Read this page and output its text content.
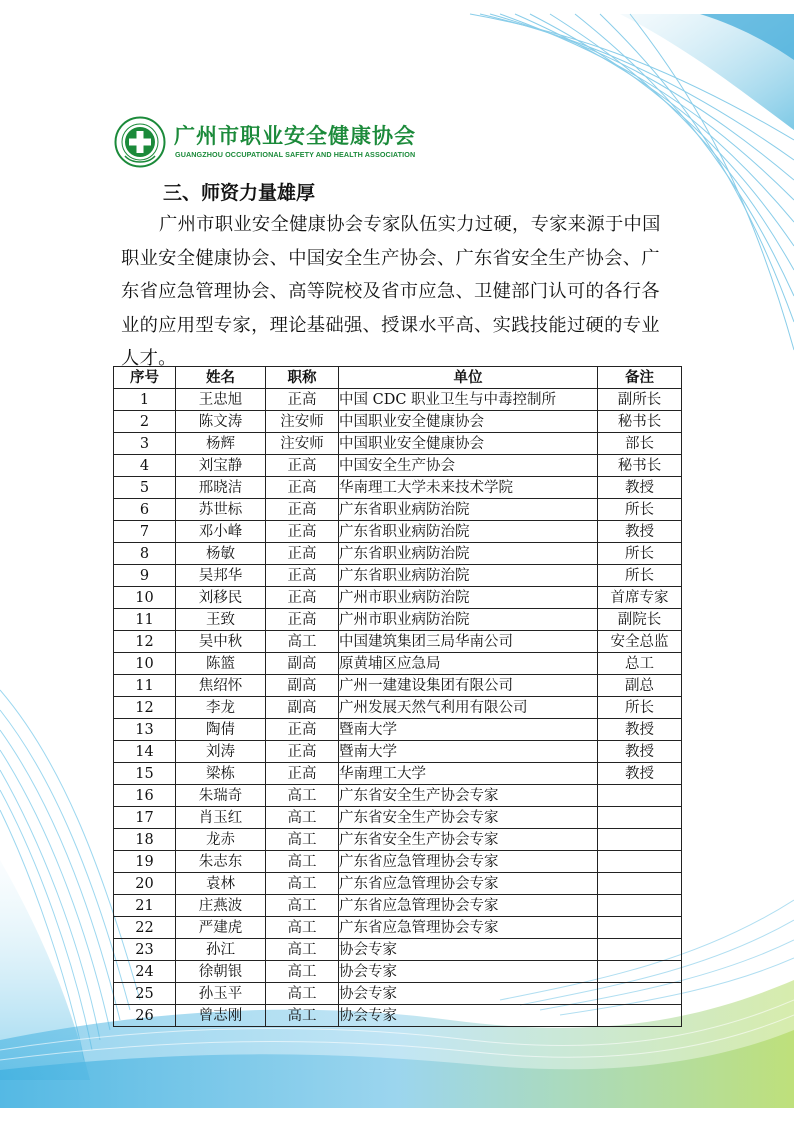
广州市职业安全健康协会
GUANGZHOU OCCUPATIONAL SAFETY AND HEALTH ASSOCIATION
三、师资力量雄厚
广州市职业安全健康协会专家队伍实力过硬，专家来源于中国职业安全健康协会、中国安全生产协会、广东省安全生产协会、广东省应急管理协会、高等院校及省市应急、卫健部门认可的各行各业的应用型专家，理论基础强、授课水平高、实践技能过硬的专业人才。
序号	姓名	职称	单位	备注
1	王忠旭	正高	中国 CDC 职业卫生与中毒控制所	副所长
2	陈文涛	注安师	中国职业安全健康协会	秘书长
3	杨辉	注安师	中国职业安全健康协会	部长
4	刘宝静	正高	中国安全生产协会	秘书长
5	邢晓洁	正高	华南理工大学未来技术学院	教授
6	苏世标	正高	广东省职业病防治院	所长
7	邓小峰	正高	广东省职业病防治院	教授
8	杨敏	正高	广东省职业病防治院	所长
9	吴邦华	正高	广东省职业病防治院	所长
10	刘移民	正高	广州市职业病防治院	首席专家
11	王致	正高	广州市职业病防治院	副院长
12	吴中秋	高工	中国建筑集团三局华南公司	安全总监
10	陈篮	副高	原黄埔区应急局	总工
11	焦绍怀	副高	广州一建建设集团有限公司	副总
12	李龙	副高	广州发展天然气利用有限公司	所长
13	陶倩	正高	暨南大学	教授
14	刘涛	正高	暨南大学	教授
15	梁栋	正高	华南理工大学	教授
16	朱瑞奇	高工	广东省安全生产协会专家	
17	肖玉红	高工	广东省安全生产协会专家	
18	龙赤	高工	广东省安全生产协会专家	
19	朱志东	高工	广东省应急管理协会专家	
20	袁林	高工	广东省应急管理协会专家	
21	庄燕波	高工	广东省应急管理协会专家	
22	严建虎	高工	广东省应急管理协会专家	
23	孙江	高工	协会专家	
24	徐朝银	高工	协会专家	
25	孙玉平	高工	协会专家	
26	曾志刚	高工	协会专家	
